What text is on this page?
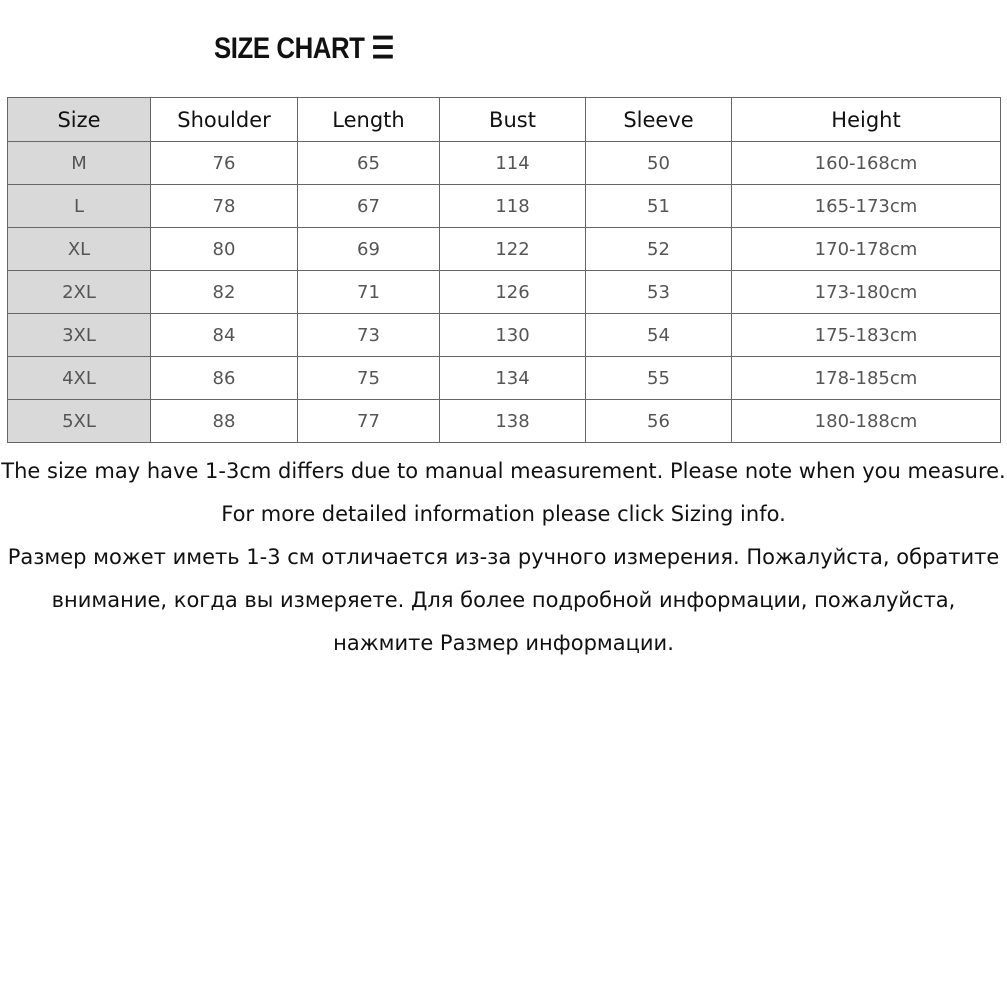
SIZE CHART ☰
Size	Shoulder	Length	Bust	Sleeve	Height
M	76	65	114	50	160-168cm
L	78	67	118	51	165-173cm
XL	80	69	122	52	170-178cm
2XL	82	71	126	53	173-180cm
3XL	84	73	130	54	175-183cm
4XL	86	75	134	55	178-185cm
5XL	88	77	138	56	180-188cm

The size may have 1-3cm differs due to manual measurement. Please note when you measure. For more detailed information please click Sizing info.

Размер может иметь 1-3 см отличается из-за ручного измерения. Пожалуйста, обратите внимание, когда вы измеряете. Для более подробной информации, пожалуйста, нажмите Размер информации.
